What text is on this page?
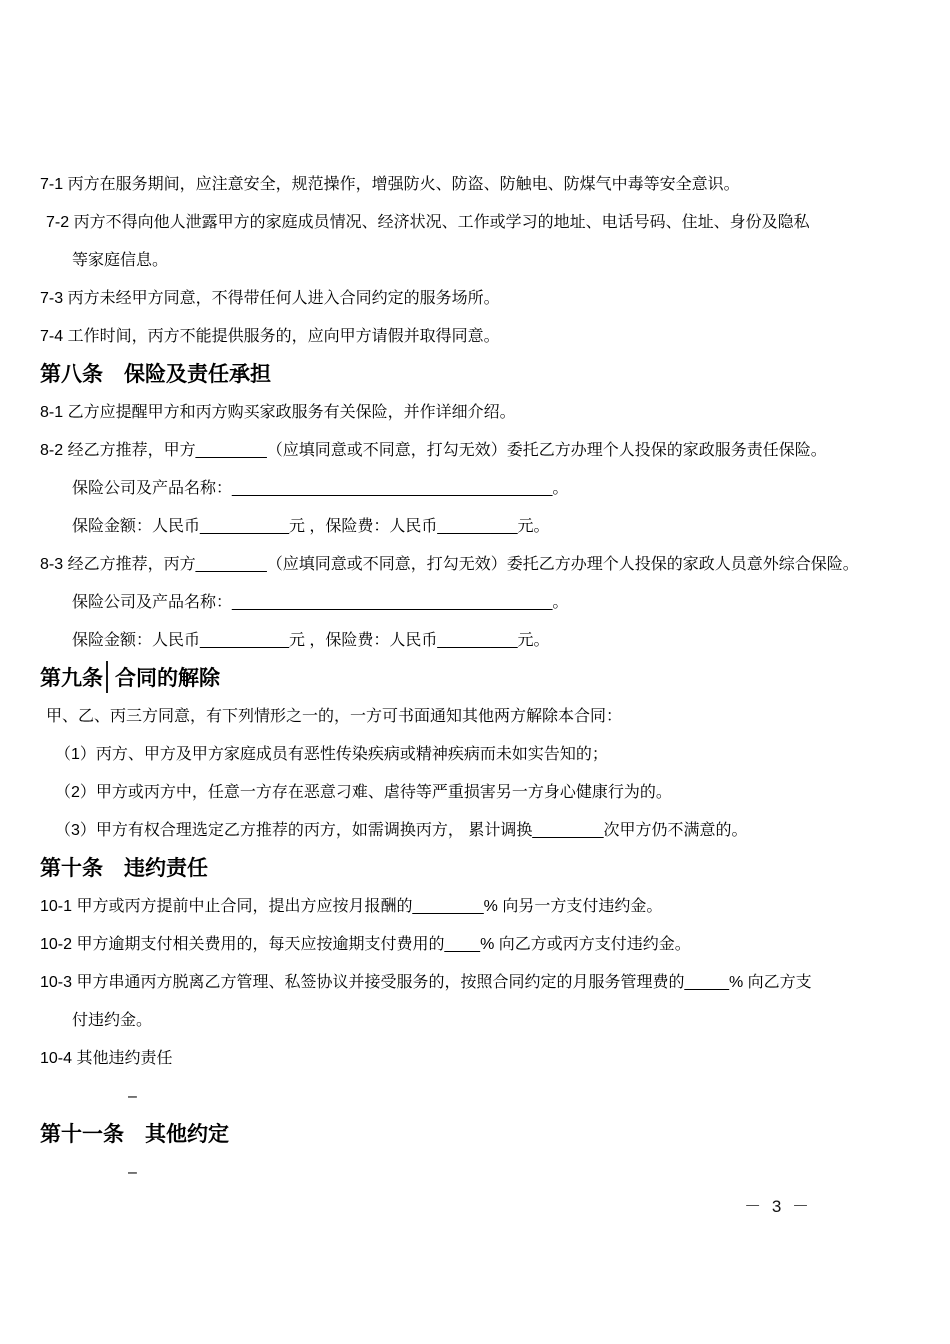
7-1 丙方在服务期间，应注意安全，规范操作，增强防火、防盗、防触电、防煤气中毒等安全意识。

7-2 丙方不得向他人泄露甲方的家庭成员情况、经济状况、工作或学习的地址、电话号码、住址、身份及隐私

等家庭信息。

7-3 丙方未经甲方同意，不得带任何人进入合同约定的服务场所。

7-4 工作时间，丙方不能提供服务的，应向甲方请假并取得同意。

第八条　保险及责任承担

8-1 乙方应提醒甲方和丙方购买家政服务有关保险，并作详细介绍。

8-2 经乙方推荐，甲方________（应填同意或不同意，打勾无效）委托乙方办理个人投保的家政服务责任保险。

保险公司及产品名称：____________________________________。

保险金额：人民币__________元 ，保险费：人民币_________元。

8-3 经乙方推荐，丙方________（应填同意或不同意，打勾无效）委托乙方办理个人投保的家政人员意外综合保险。

保险公司及产品名称：____________________________________。

保险金额：人民币__________元 ，保险费：人民币_________元。

第九条 合同的解除

甲、乙、丙三方同意，有下列情形之一的，一方可书面通知其他两方解除本合同：

（1）丙方、甲方及甲方家庭成员有恶性传染疾病或精神疾病而未如实告知的；

（2）甲方或丙方中，任意一方存在恶意刁难、虐待等严重损害另一方身心健康行为的。

（3）甲方有权合理选定乙方推荐的丙方，如需调换丙方， 累计调换________次甲方仍不满意的。

第十条　违约责任

10-1 甲方或丙方提前中止合同，提出方应按月报酬的________% 向另一方支付违约金。

10-2 甲方逾期支付相关费用的，每天应按逾期支付费用的____% 向乙方或丙方支付违约金。

10-3 甲方串通丙方脱离乙方管理、私签协议并接受服务的，按照合同约定的月服务管理费的_____% 向乙方支

付违约金。

10-4 其他违约责任

–

第十一条　其他约定

–

－ 3 －
